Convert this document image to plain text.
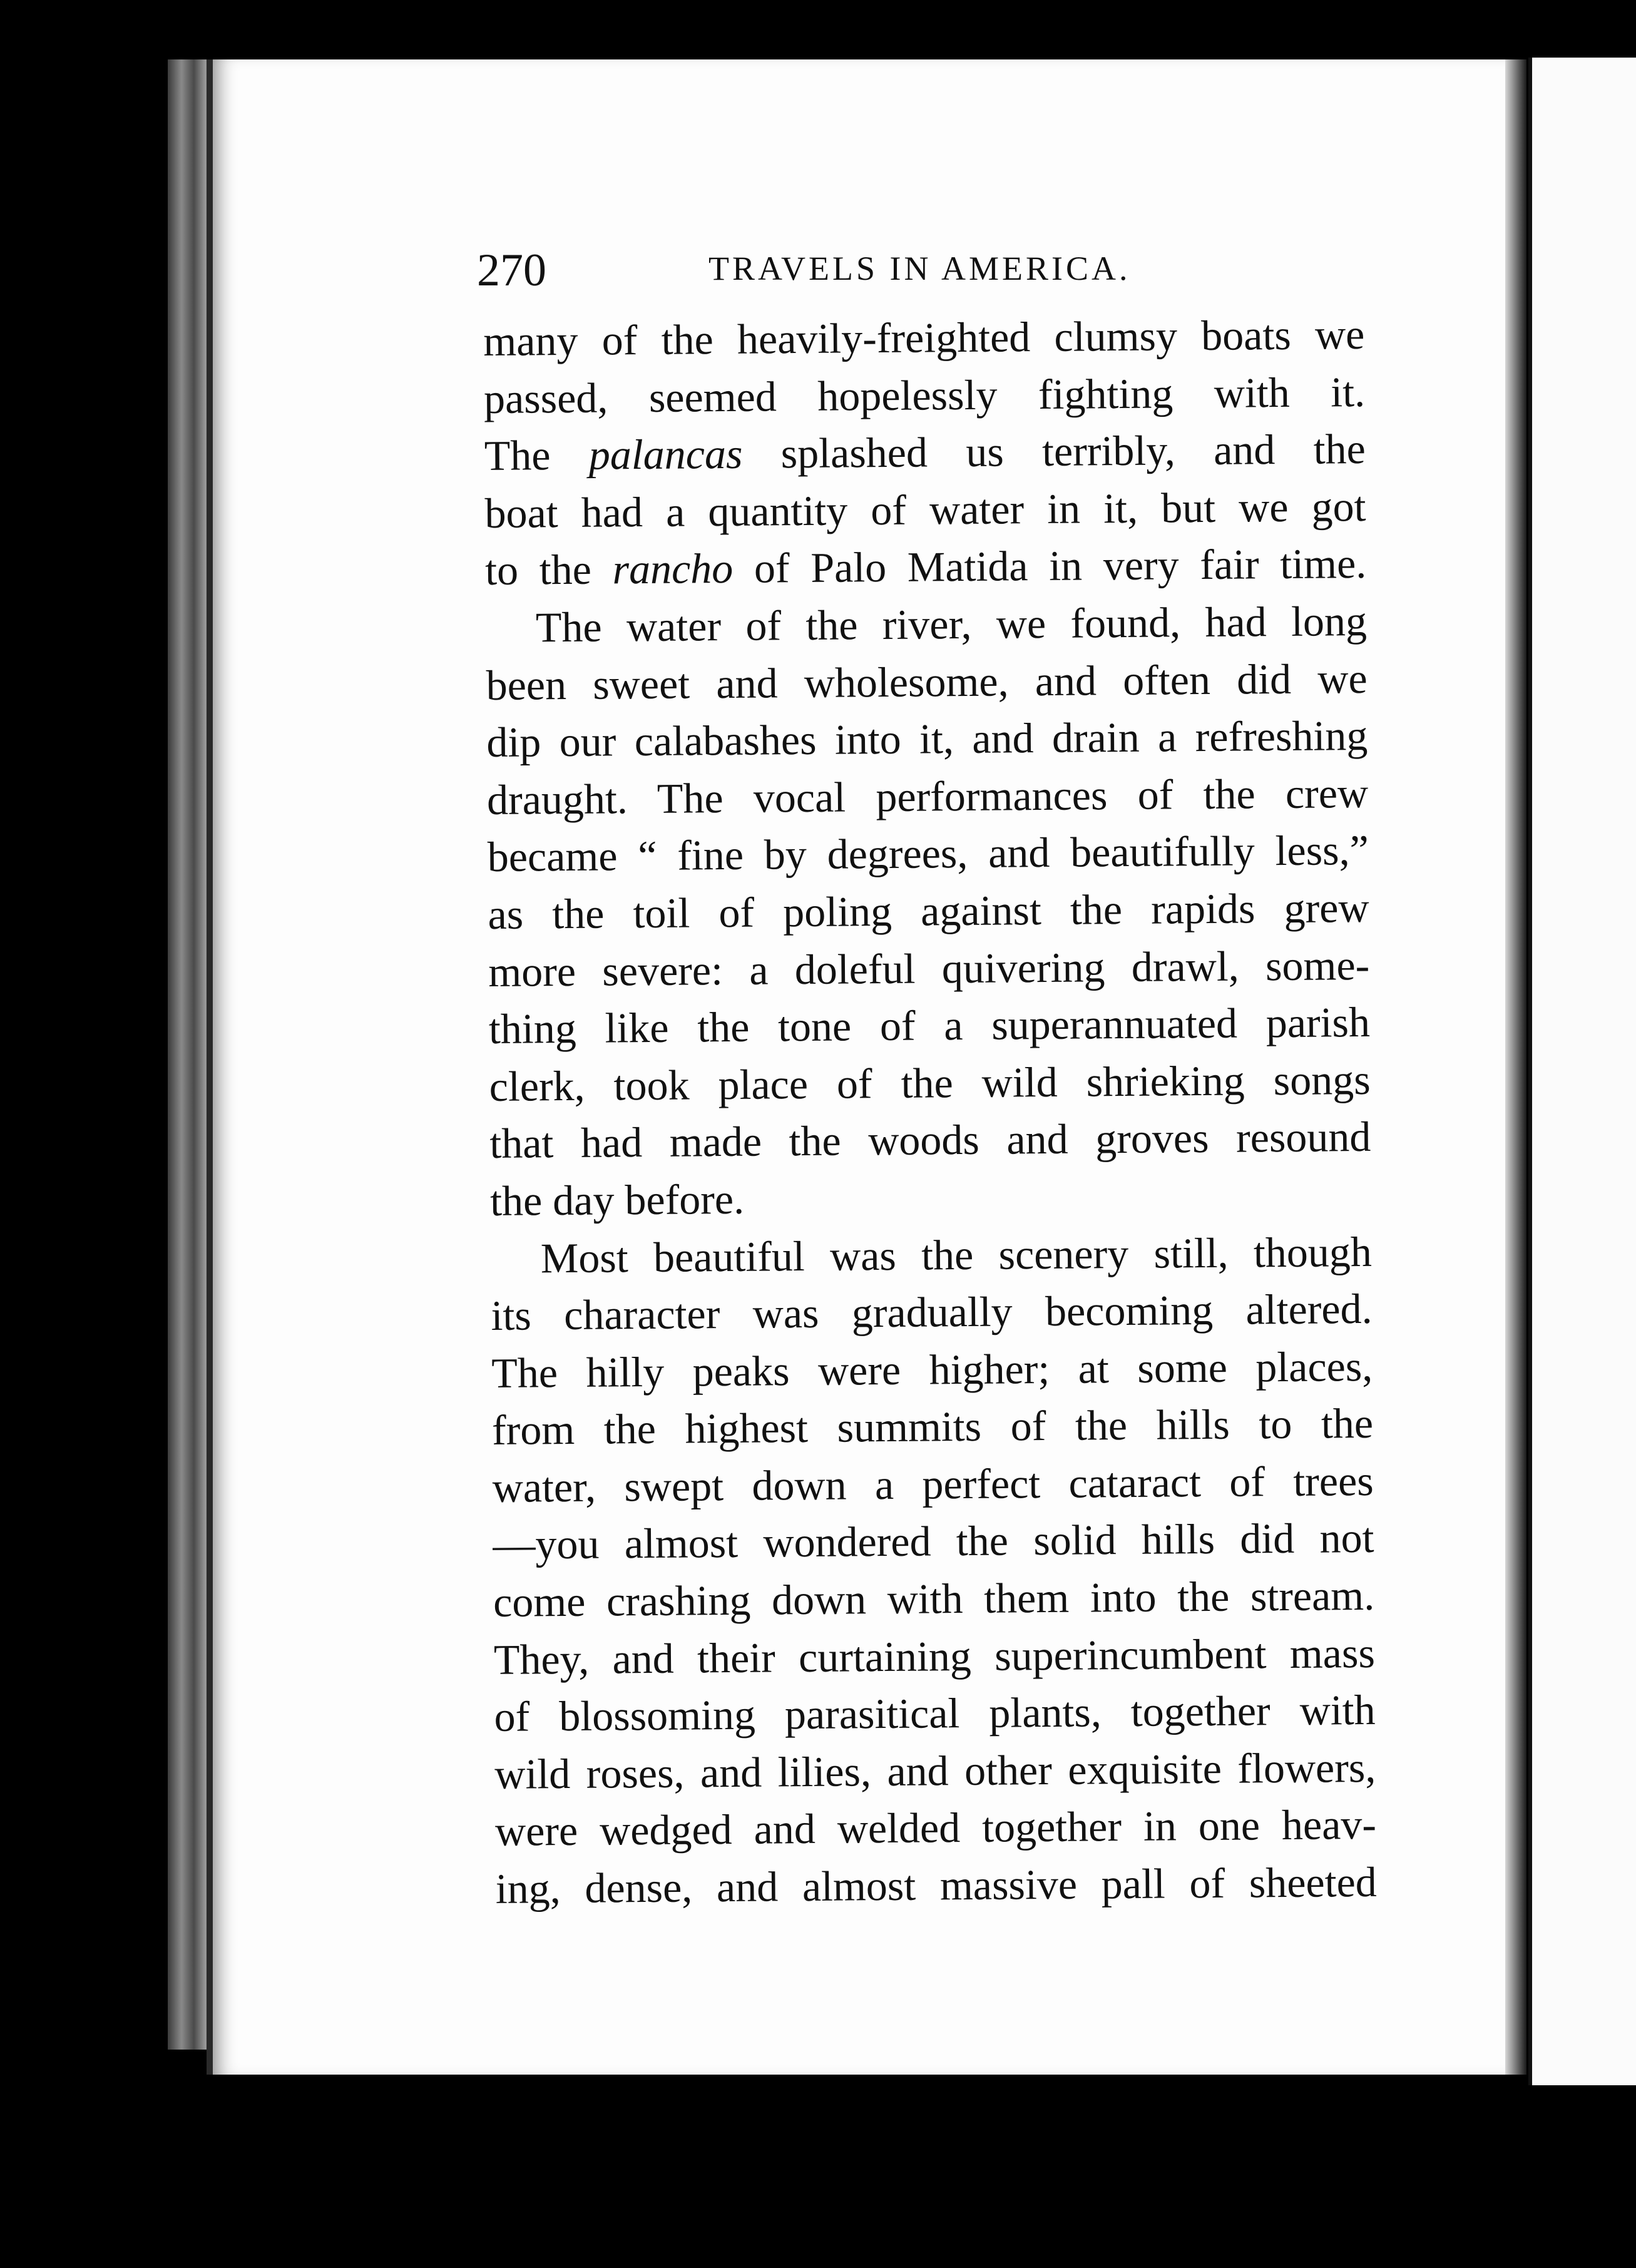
270	TRAVELS IN AMERICA.
many of the heavily-freighted clumsy boats we
passed, seemed hopelessly fighting with it.
The palancas splashed us terribly, and the
boat had a quantity of water in it, but we got
to the rancho of Palo Matida in very fair time.
The water of the river, we found, had long
been sweet and wholesome, and often did we
dip our calabashes into it, and drain a refreshing
draught. The vocal performances of the crew
became “ fine by degrees, and beautifully less,”
as the toil of poling against the rapids grew
more severe: a doleful quivering drawl, some-
thing like the tone of a superannuated parish
clerk, took place of the wild shrieking songs
that had made the woods and groves resound
the day before.
Most beautiful was the scenery still, though
its character was gradually becoming altered.
The hilly peaks were higher; at some places,
from the highest summits of the hills to the
water, swept down a perfect cataract of trees
—you almost wondered the solid hills did not
come crashing down with them into the stream.
They, and their curtaining superincumbent mass
of blossoming parasitical plants, together with
wild roses, and lilies, and other exquisite flowers,
were wedged and welded together in one heav-
ing, dense, and almost massive pall of sheeted
